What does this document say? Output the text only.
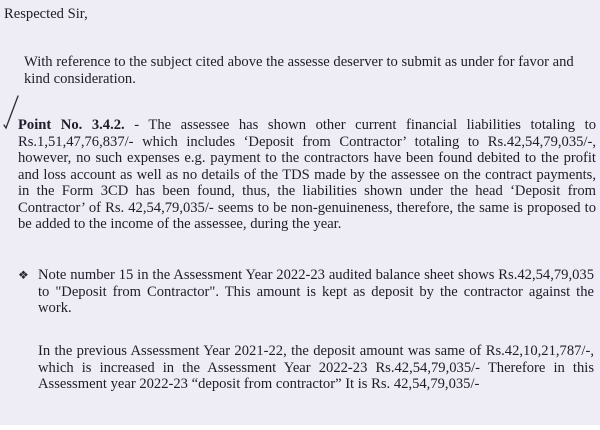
Respected Sir,

With reference to the subject cited above the assesse deserver to submit as under for favor and kind consideration.

Point No. 3.4.2. - The assessee has shown other current financial liabilities totaling to Rs.1,51,47,76,837/- which includes ‘Deposit from Contractor’ totaling to Rs.42,54,79,035/-, however, no such expenses e.g. payment to the contractors have been found debited to the profit and loss account as well as no details of the TDS made by the assessee on the contract payments, in the Form 3CD has been found, thus, the liabilities shown under the head ‘Deposit from Contractor’ of Rs. 42,54,79,035/- seems to be non-genuineness, therefore, the same is proposed to be added to the income of the assessee, during the year.

❖ Note number 15 in the Assessment Year 2022-23 audited balance sheet shows Rs.42,54,79,035 to "Deposit from Contractor". This amount is kept as deposit by the contractor against the work.

In the previous Assessment Year 2021-22, the deposit amount was same of Rs.42,10,21,787/-, which is increased in the Assessment Year 2022-23 Rs.42,54,79,035/- Therefore in this Assessment year 2022-23 “deposit from contractor” It is Rs. 42,54,79,035/-
